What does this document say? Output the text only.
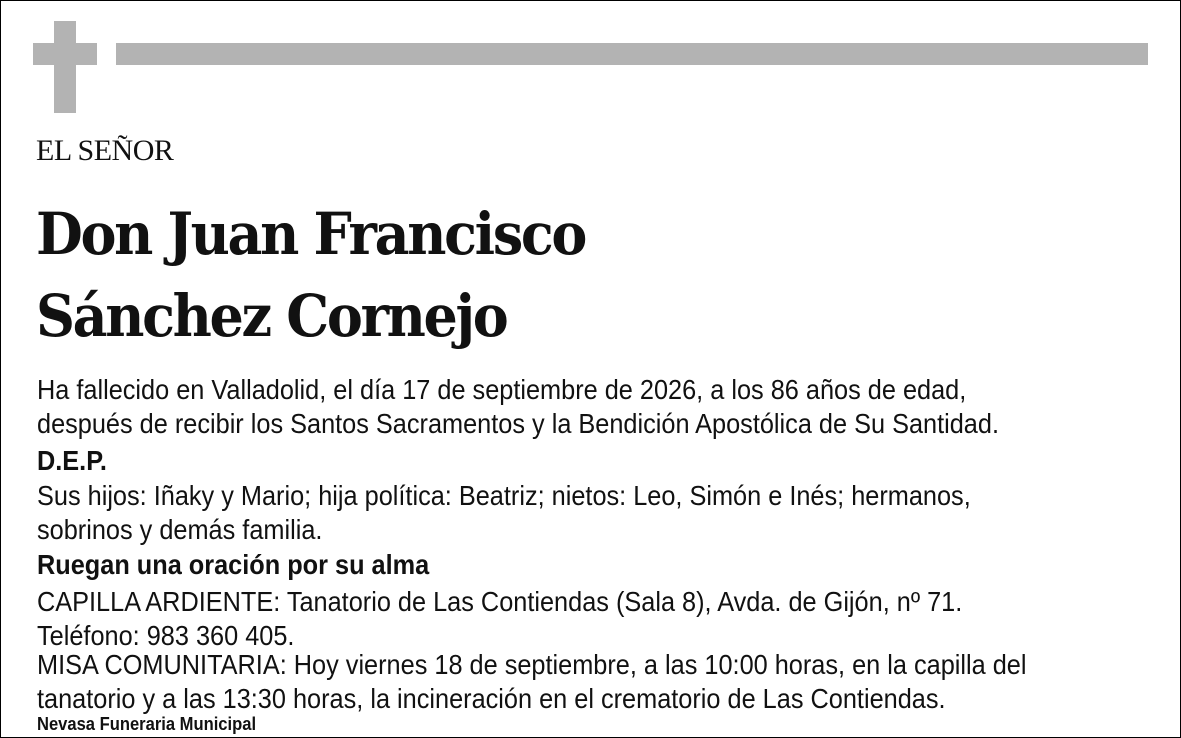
EL SEÑOR
Don Juan Francisco
Sánchez Cornejo
Ha fallecido en Valladolid, el día 17 de septiembre de 2026, a los 86 años de edad,
después de recibir los Santos Sacramentos y la Bendición Apostólica de Su Santidad.
D.E.P.
Sus hijos: Iñaky y Mario; hija política: Beatriz; nietos: Leo, Simón e Inés; hermanos,
sobrinos y demás familia.
Ruegan una oración por su alma
CAPILLA ARDIENTE: Tanatorio de Las Contiendas (Sala 8), Avda. de Gijón, nº 71.
Teléfono: 983 360 405.
MISA COMUNITARIA: Hoy viernes 18 de septiembre, a las 10:00 horas, en la capilla del
tanatorio y a las 13:30 horas, la incineración en el crematorio de Las Contiendas.
Nevasa Funeraria Municipal
